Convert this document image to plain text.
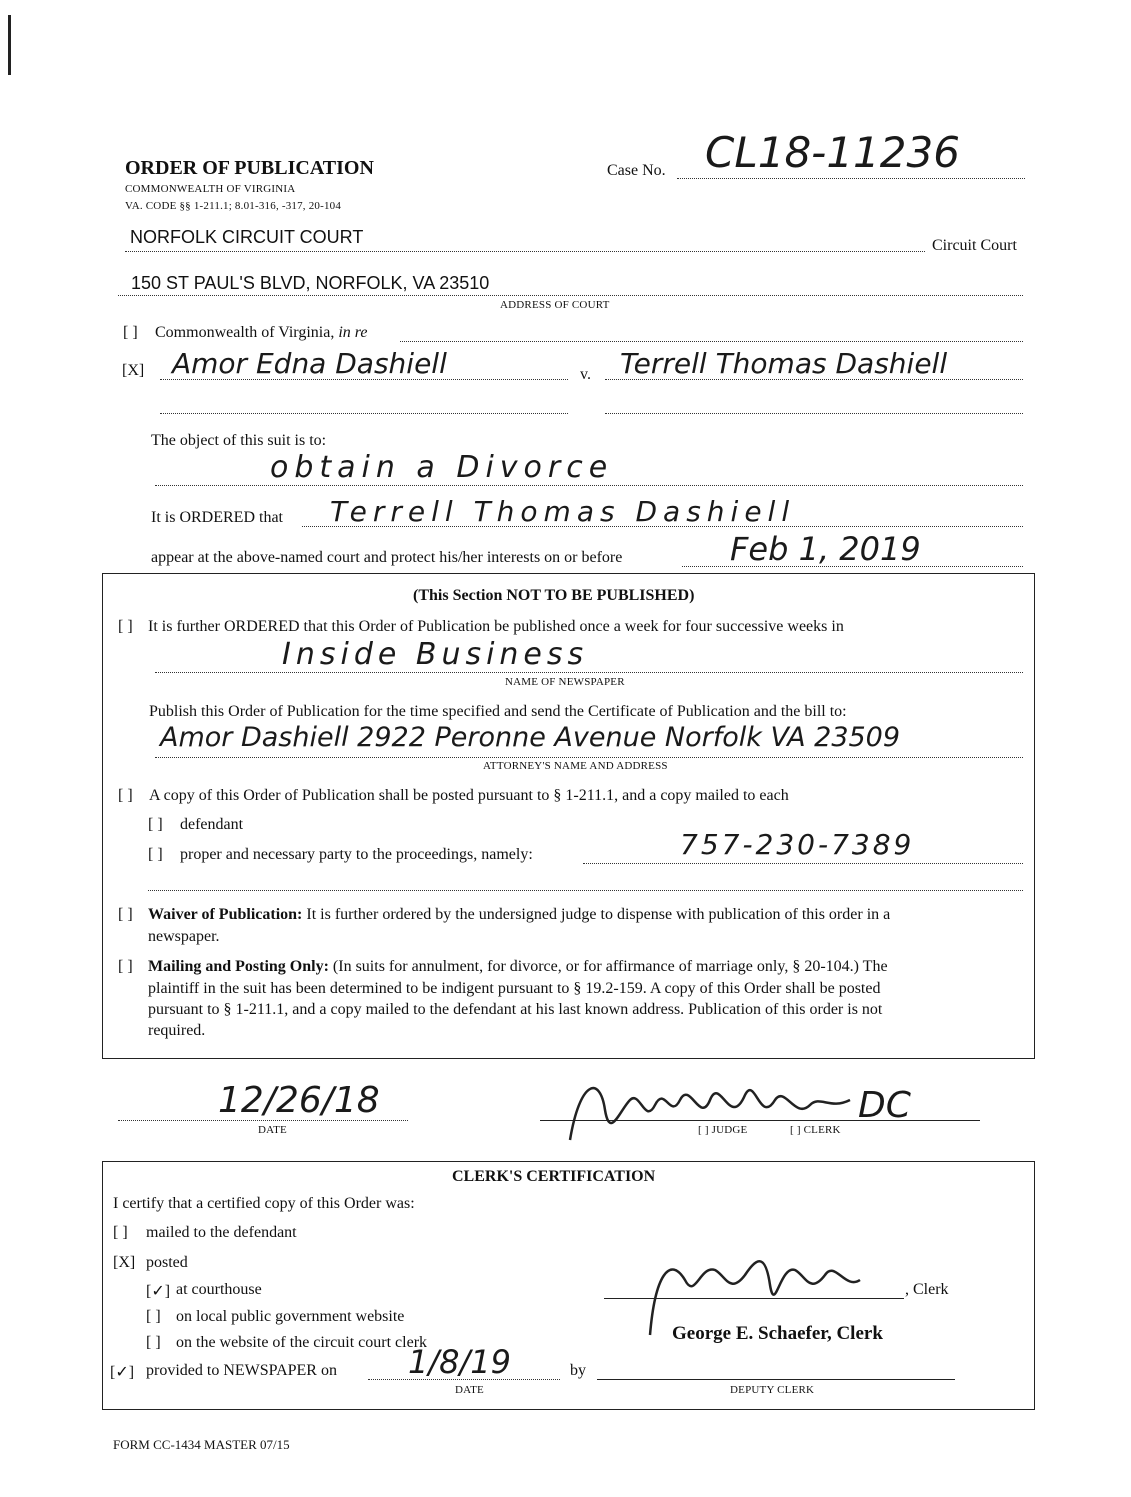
ORDER OF PUBLICATION
COMMONWEALTH OF VIRGINIA
VA. CODE §§ 1-211.1; 8.01-316, -317, 20-104
Case No. CL18-11236
NORFOLK CIRCUIT COURT	Circuit Court
150 ST PAUL'S BLVD, NORFOLK, VA 23510
ADDRESS OF COURT
[ ] Commonwealth of Virginia, in re
[X] Amor Edna Dashiell	v. Terrell Thomas Dashiell
The object of this suit is to:
obtain a Divorce
It is ORDERED that Terrell Thomas Dashiell
appear at the above-named court and protect his/her interests on or before	Feb 1, 2019
(This Section NOT TO BE PUBLISHED)
[ ] It is further ORDERED that this Order of Publication be published once a week for four successive weeks in
Inside Business
NAME OF NEWSPAPER
Publish this Order of Publication for the time specified and send the Certificate of Publication and the bill to:
Amor Dashiell 2922 Peronne Avenue Norfolk VA 23509
ATTORNEY'S NAME AND ADDRESS
[ ] A copy of this Order of Publication shall be posted pursuant to § 1-211.1, and a copy mailed to each
[ ] defendant
[ ] proper and necessary party to the proceedings, namely:	757-230-7389
[ ] Waiver of Publication: It is further ordered by the undersigned judge to dispense with publication of this order in a
newspaper.
[ ] Mailing and Posting Only: (In suits for annulment, for divorce, or for affirmance of marriage only, § 20-104.) The
plaintiff in the suit has been determined to be indigent pursuant to § 19.2-159. A copy of this Order shall be posted
pursuant to § 1-211.1, and a copy mailed to the defendant at his last known address. Publication of this order is not
required.
12/26/18
DATE	[ ] JUDGE	[ ] CLERK
DC
CLERK'S CERTIFICATION
I certify that a certified copy of this Order was:
[ ] mailed to the defendant
[X] posted
[✓] at courthouse
[ ] on local public government website
[ ] on the website of the circuit court clerk
[✓] provided to NEWSPAPER on 1/8/19
DATE
by
DEPUTY CLERK
, Clerk
George E. Schaefer, Clerk
FORM CC-1434 MASTER 07/15
